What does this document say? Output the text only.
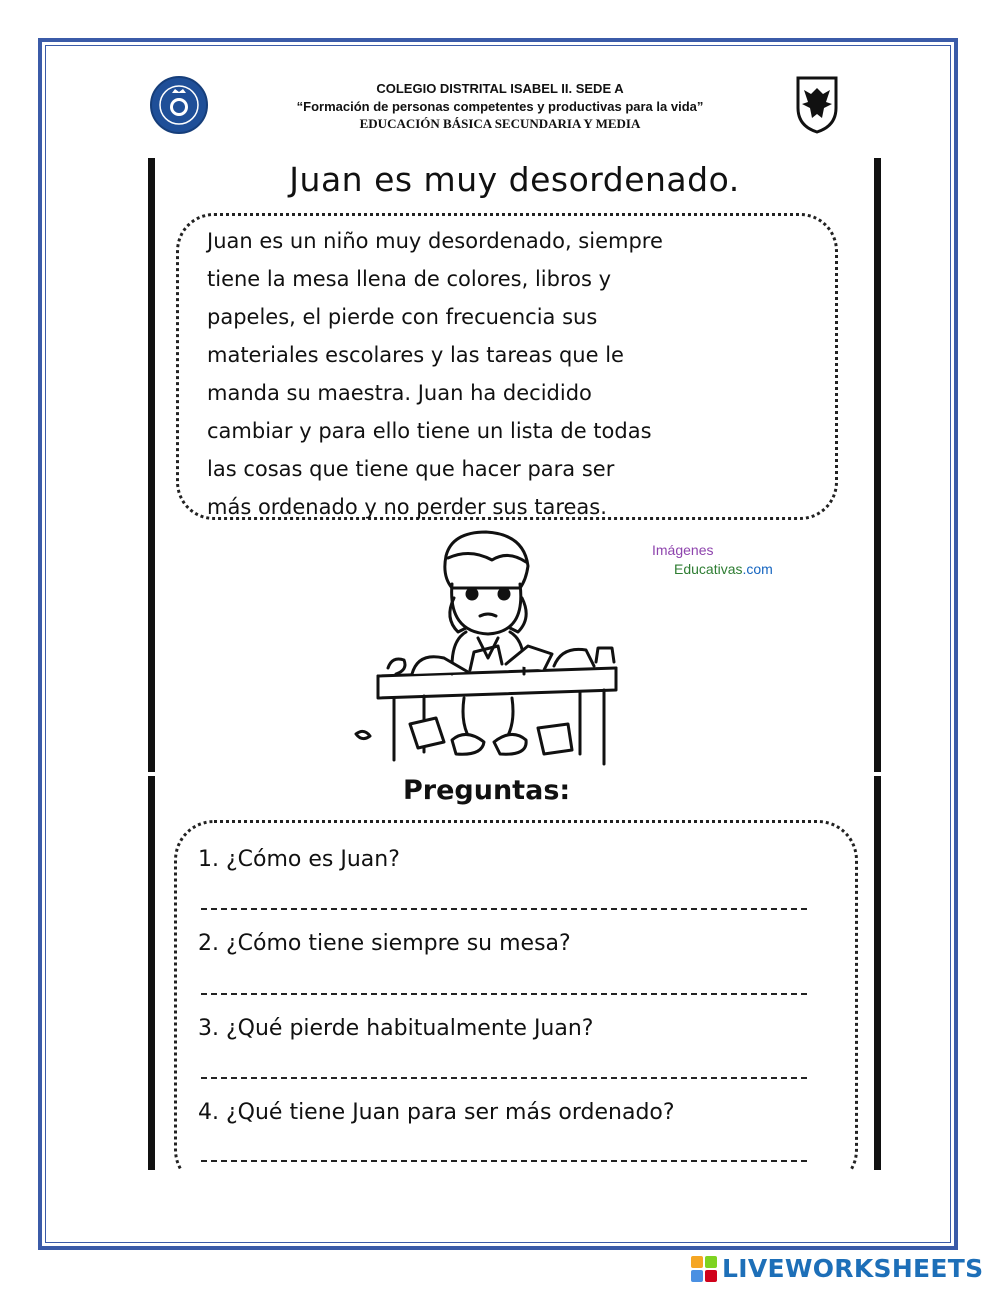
COLEGIO DISTRITAL ISABEL II. SEDE A
“Formación de personas competentes y productivas para la vida”
EDUCACIÓN BÁSICA SECUNDARIA Y MEDIA
Juan es muy desordenado.
Juan es un niño muy desordenado, siempre
tiene la mesa llena de colores, libros y
papeles, el pierde con frecuencia sus
materiales escolares y las tareas que le
manda su maestra. Juan ha decidido
cambiar y para ello tiene un lista de todas
las cosas que tiene que hacer para ser
más ordenado y no perder sus tareas.
Imágenes
Educativas.com
Preguntas:
1. ¿Cómo es Juan?
2. ¿Cómo tiene siempre su mesa?
3. ¿Qué pierde habitualmente Juan?
4. ¿Qué tiene Juan para ser más ordenado?
LIVEWORKSHEETS
